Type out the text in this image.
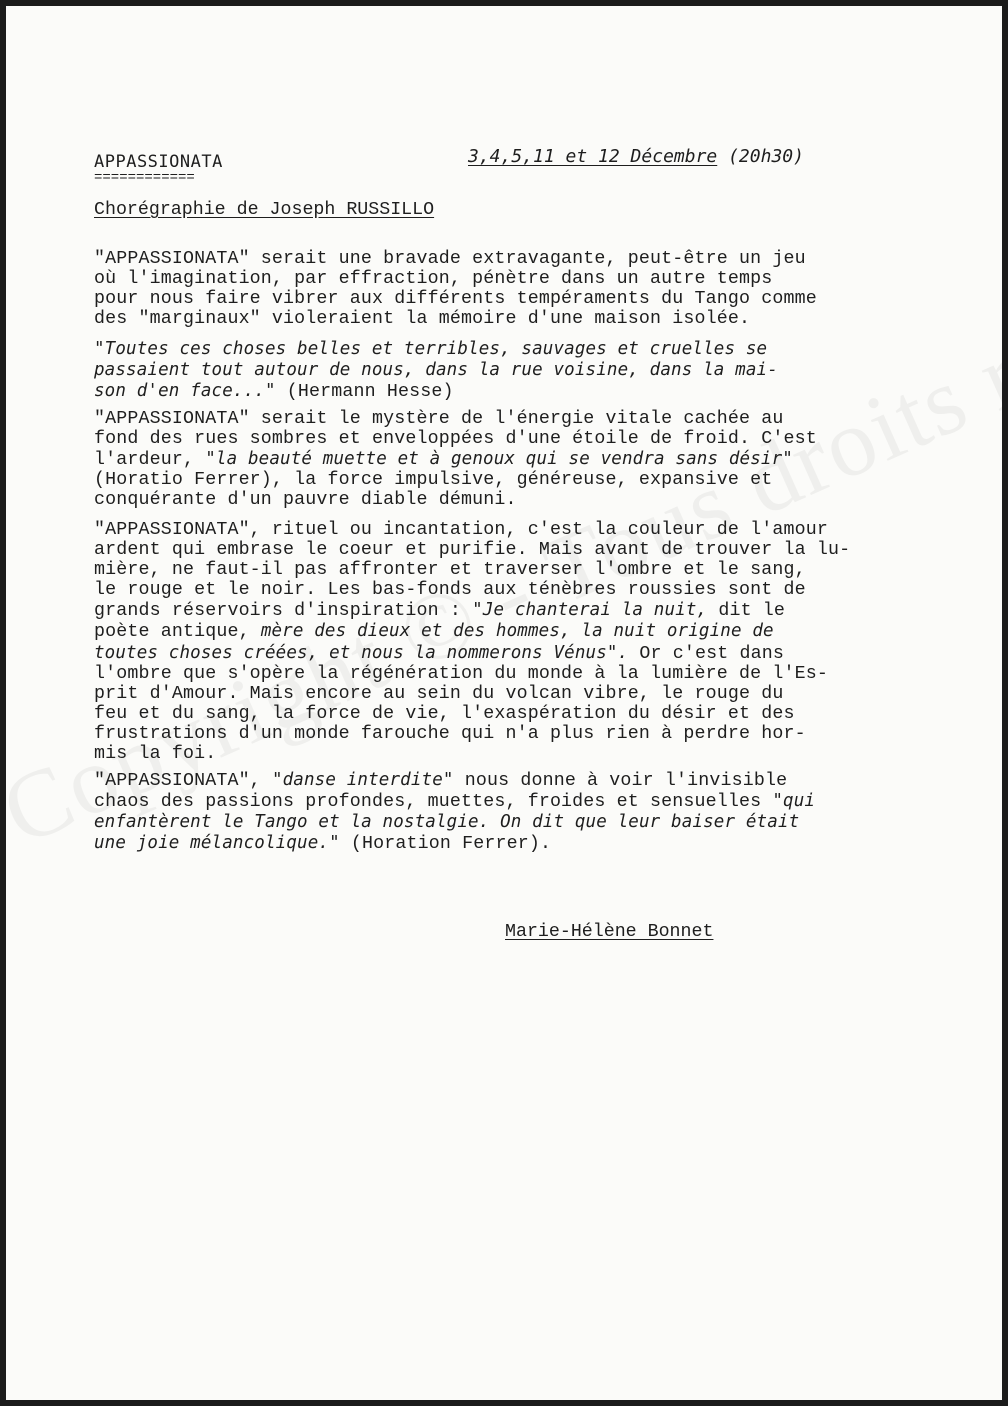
APPASSIONATA

============

3,4,5,11 et 12 Décembre (20h30)

Chorégraphie de Joseph RUSSILLO

"APPASSIONATA" serait une bravade extravagante, peut-être un jeu
où l'imagination, par effraction, pénètre dans un autre temps
pour nous faire vibrer aux différents tempéraments du Tango comme
des "marginaux" violeraient la mémoire d'une maison isolée.

"Toutes ces choses belles et terribles, sauvages et cruelles se
passaient tout autour de nous, dans la rue voisine, dans la mai-
son d'en face..." (Hermann Hesse)

"APPASSIONATA" serait le mystère de l'énergie vitale cachée au
fond des rues sombres et enveloppées d'une étoile de froid. C'est
l'ardeur, "la beauté muette et à genoux qui se vendra sans désir"
(Horatio Ferrer), la force impulsive, généreuse, expansive et
conquérante d'un pauvre diable démuni.

"APPASSIONATA", rituel ou incantation, c'est la couleur de l'amour
ardent qui embrase le coeur et purifie. Mais avant de trouver la lu-
mière, ne faut-il pas affronter et traverser l'ombre et le sang,
le rouge et le noir. Les bas-fonds aux ténèbres roussies sont de
grands réservoirs d'inspiration : "Je chanterai la nuit, dit le
poète antique, mère des dieux et des hommes, la nuit origine de
toutes choses créées, et nous la nommerons Vénus". Or c'est dans
l'ombre que s'opère la régénération du monde à la lumière de l'Es-
prit d'Amour. Mais encore au sein du volcan vibre, le rouge du
feu et du sang, la force de vie, l'exaspération du désir et des
frustrations d'un monde farouche qui n'a plus rien à perdre hor-
mis la foi.

"APPASSIONATA", "danse interdite" nous donne à voir l'invisible
chaos des passions profondes, muettes, froides et sensuelles "qui
enfantèrent le Tango et la nostalgie. On dit que leur baiser était
une joie mélancolique." (Horation Ferrer).

Marie-Hélène Bonnet
